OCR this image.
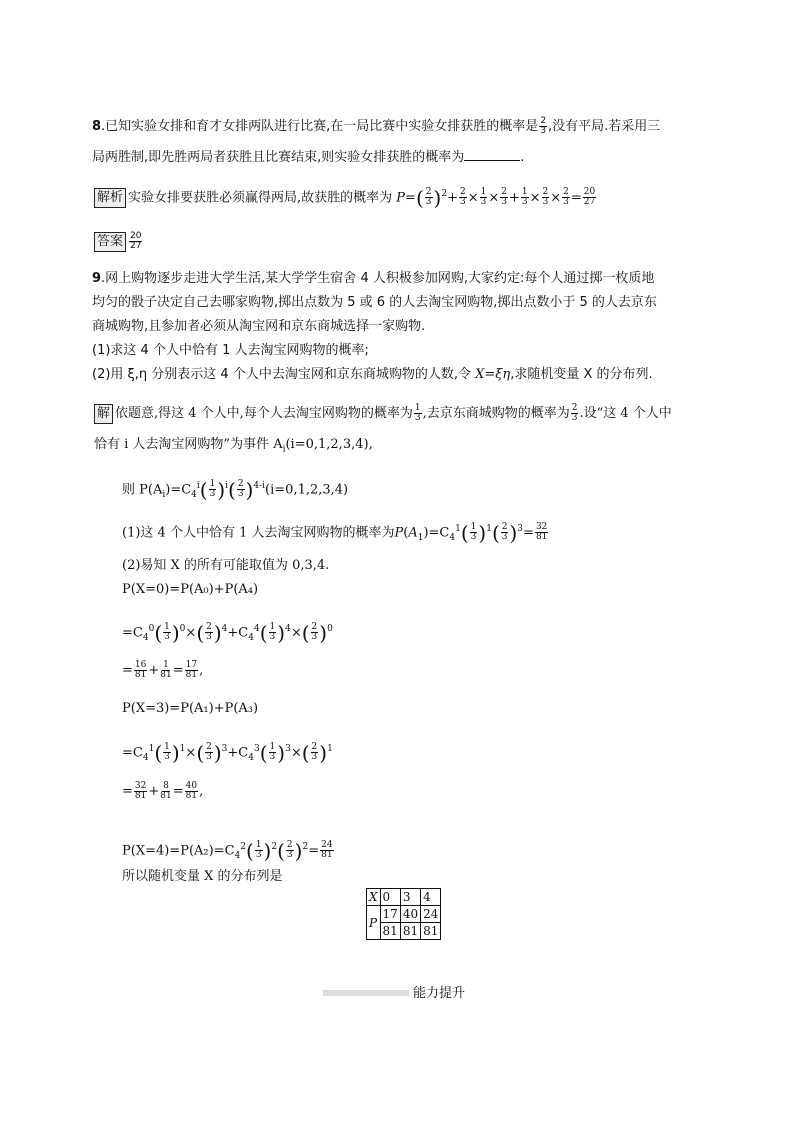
8.已知实验女排和育才女排两队进行比赛,在一局比赛中实验女排获胜的概率是 $\frac{2}{3}$ ,没有平局.若采用三
局两胜制,即先胜两局者获胜且比赛结束,则实验女排获胜的概率为	.
解析 实验女排要获胜必须赢得两局,故获胜的概率为 $P=( \frac{2}{3} )^2+ \frac{2}{3} \times \frac{1}{3} \times \frac{2}{3} + \frac{1}{3} \times \frac{2}{3} \times \frac{2}{3} = \frac{20}{27}$
答案 $\frac{20}{27}$
9.网上购物逐步走进大学生活,某大学学生宿舍 4 人积极参加网购,大家约定:每个人通过掷一枚质地
均匀的骰子决定自己去哪家购物,掷出点数为 5 或 6 的人去淘宝网购物,掷出点数小于 5 的人去京东
商城购物,且参加者必须从淘宝网和京东商城选择一家购物.
(1)求这 4 个人中恰有 1 人去淘宝网购物的概率;
(2)用 ξ,η 分别表示这 4 个人中去淘宝网和京东商城购物的人数,令 X=ξη,求随机变量 X 的分布列.
解 依题意,得这 4 个人中,每个人去淘宝网购物的概率为 $\frac{1}{3}$ ,去京东商城购物的概率为 $\frac{2}{3}$ .设“这 4 个人中
恰有 i 人去淘宝网购物”为事件 $A_i(i=0,1,2,3,4)$,
则 $P(A_i)=C_4^i( \frac{1}{3} )^i( \frac{2}{3} )^{4-i}(i=0,1,2,3,4)$
(1)这 4 个人中恰有 1 人去淘宝网购物的概率为$P(A_1)=C_4^1( \frac{1}{3} )^1( \frac{2}{3} )^3= \frac{32}{81}$
(2)易知 X 的所有可能取值为 0,3,4.
P(X=0)=P(A₀)+P(A₄)
$=C_4^0( \frac{1}{3} )^0\times( \frac{2}{3} )^4+C_4^4( \frac{1}{3} )^4\times( \frac{2}{3} )^0$
= $\frac{16}{81} + \frac{1}{81} = \frac{17}{81}$ ,
P(X=3)=P(A₁)+P(A₃)
$=C_4^1( \frac{1}{3} )^1\times( \frac{2}{3} )^3+C_4^3( \frac{1}{3} )^3\times( \frac{2}{3} )^1$
= $\frac{32}{81} + \frac{8}{81} = \frac{40}{81}$ ,
$P(X=4)=P(A_2)=C_4^2( \frac{1}{3} )^2( \frac{2}{3} )^2= \frac{24}{81}$
所以随机变量 X 的分布列是
X	0	3	4
P	17	40	24
	81	81	81
能力提升
